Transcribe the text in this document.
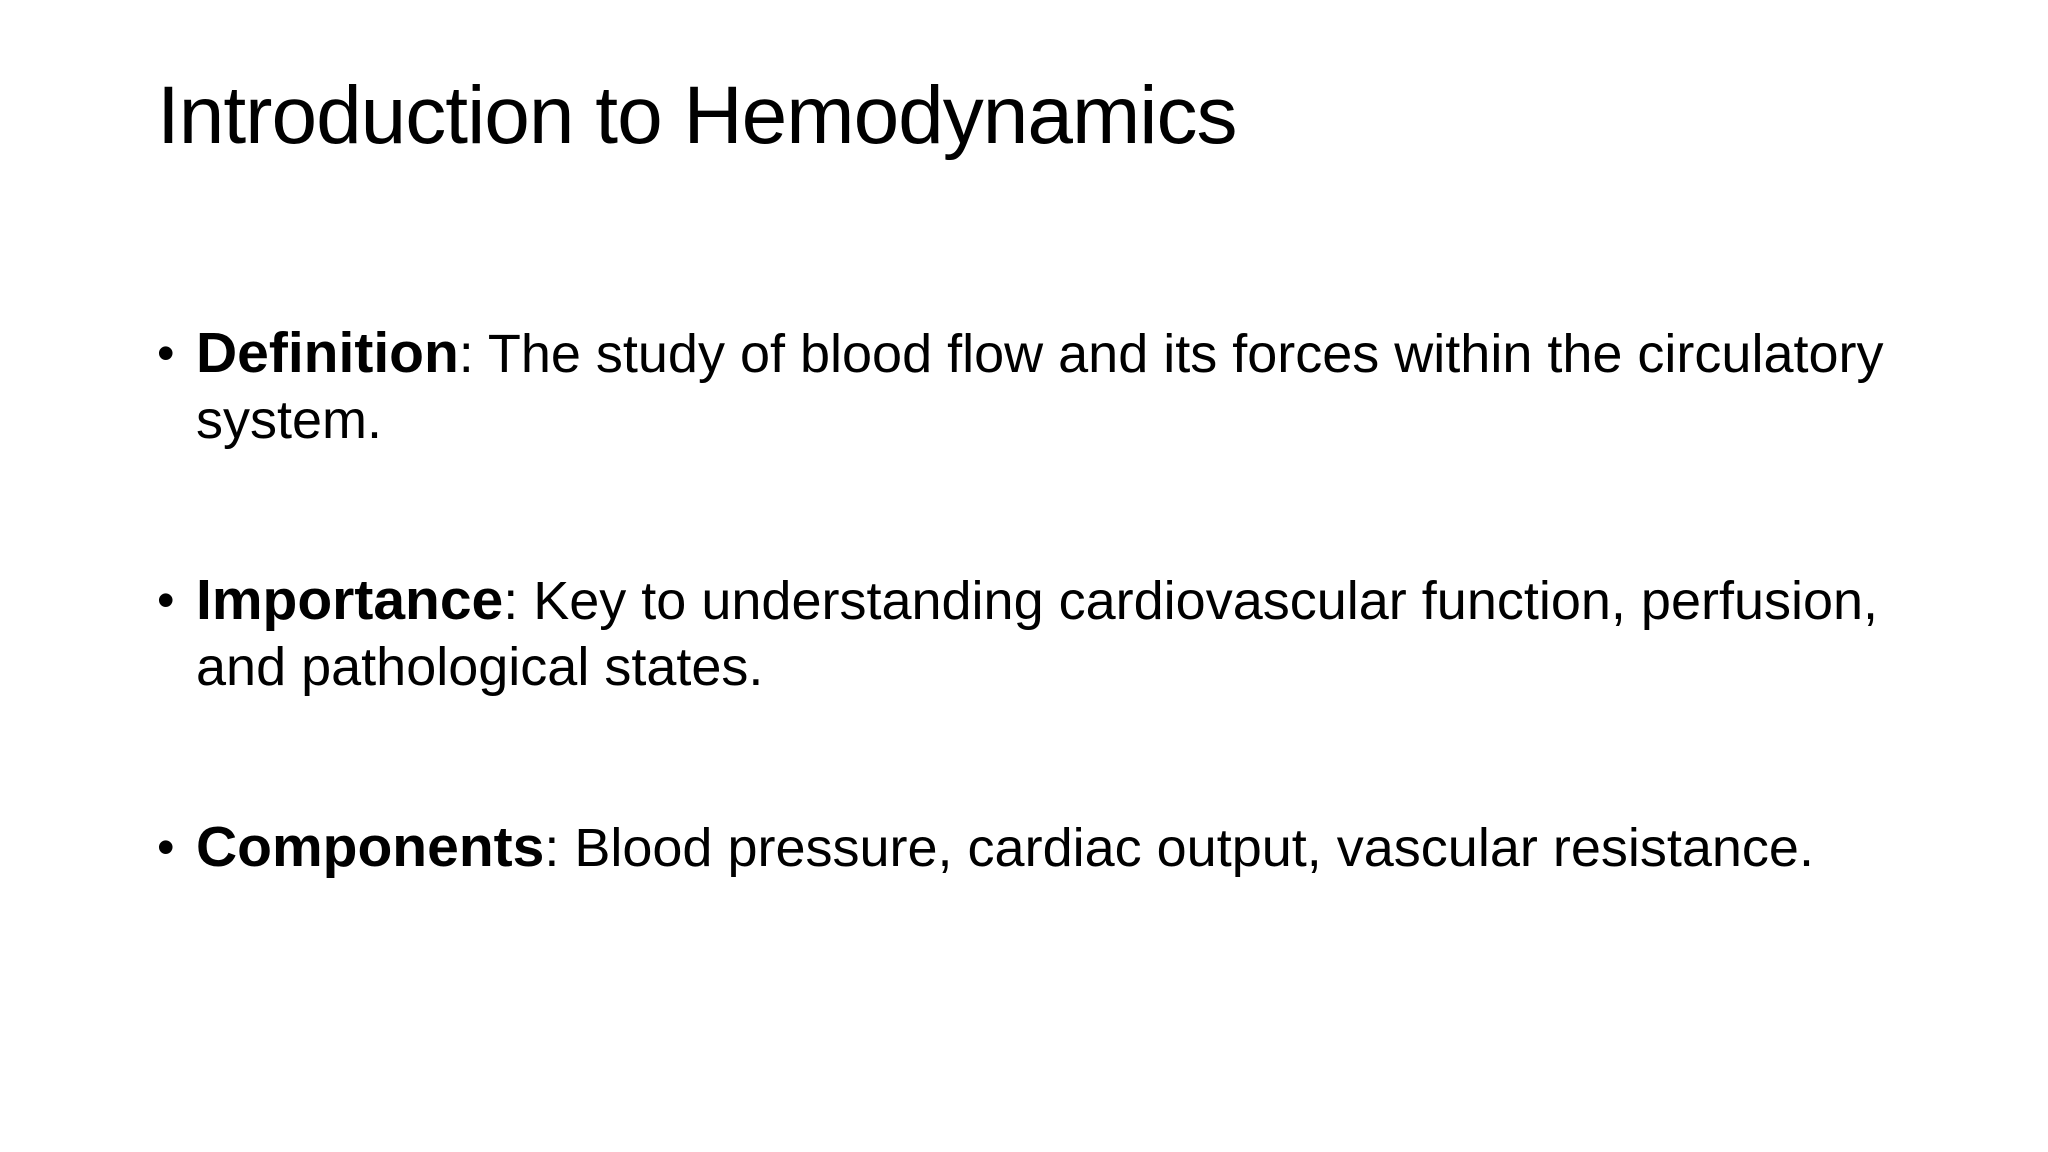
Introduction to Hemodynamics
• Definition: The study of blood flow and its forces within the circulatory system.
• Importance: Key to understanding cardiovascular function, perfusion, and pathological states.
• Components: Blood pressure, cardiac output, vascular resistance.
